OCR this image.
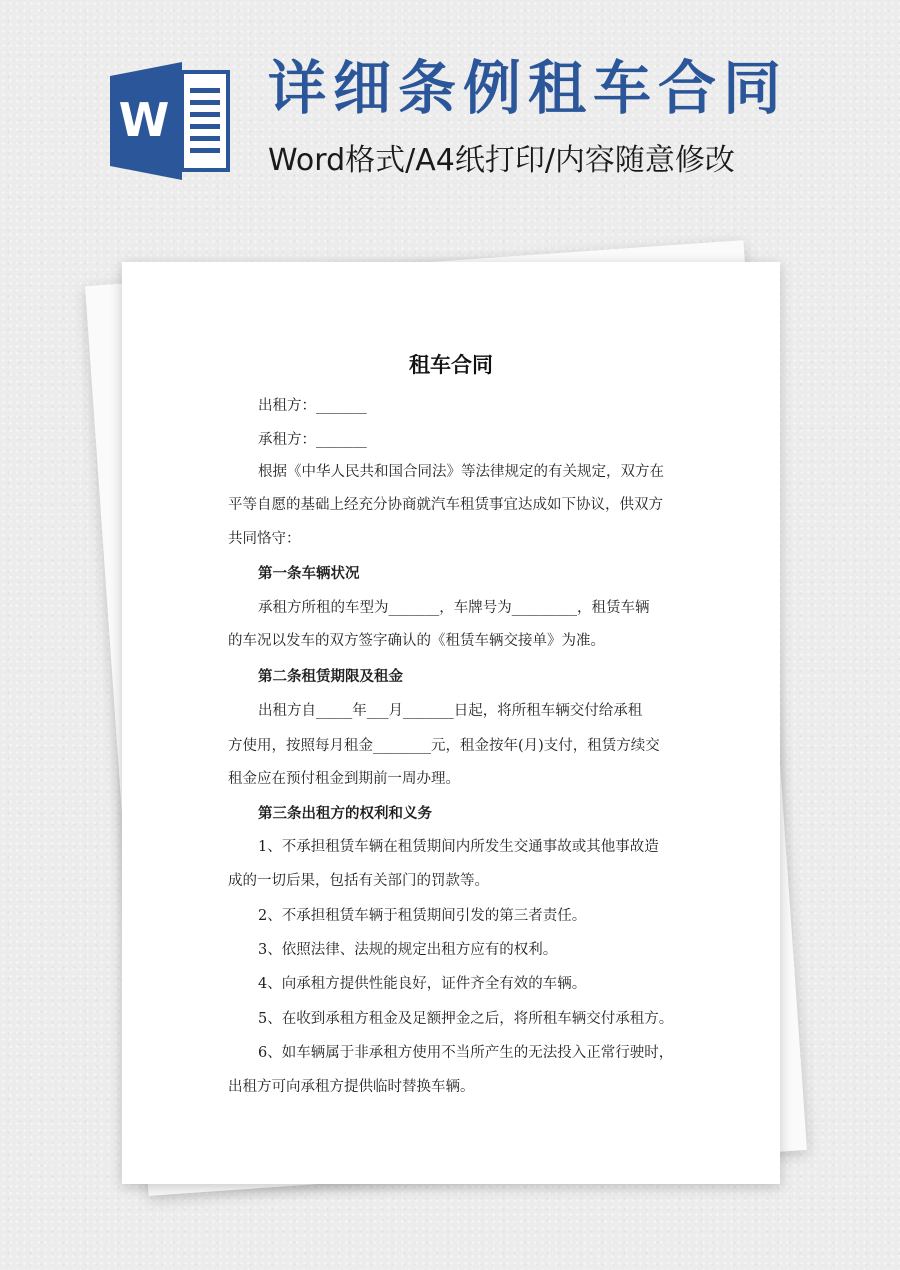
W 详细条例租车合同
Word格式/A4纸打印/内容随意修改
租车合同
出租方：_______
承租方：_______
根据《中华人民共和国合同法》等法律规定的有关规定，双方在
平等自愿的基础上经充分协商就汽车租赁事宜达成如下协议，供双方
共同恪守：
第一条车辆状况
承租方所租的车型为_______，车牌号为_________，租赁车辆
的车况以发车的双方签字确认的《租赁车辆交接单》为准。
第二条租赁期限及租金
出租方自_____年___月_______日起，将所租车辆交付给承租
方使用，按照每月租金________元，租金按年(月)支付，租赁方续交
租金应在预付租金到期前一周办理。
第三条出租方的权利和义务
1、不承担租赁车辆在租赁期间内所发生交通事故或其他事故造
成的一切后果，包括有关部门的罚款等。
2、不承担租赁车辆于租赁期间引发的第三者责任。
3、依照法律、法规的规定出租方应有的权利。
4、向承租方提供性能良好，证件齐全有效的车辆。
5、在收到承租方租金及足额押金之后，将所租车辆交付承租方。
6、如车辆属于非承租方使用不当所产生的无法投入正常行驶时，
出租方可向承租方提供临时替换车辆。
